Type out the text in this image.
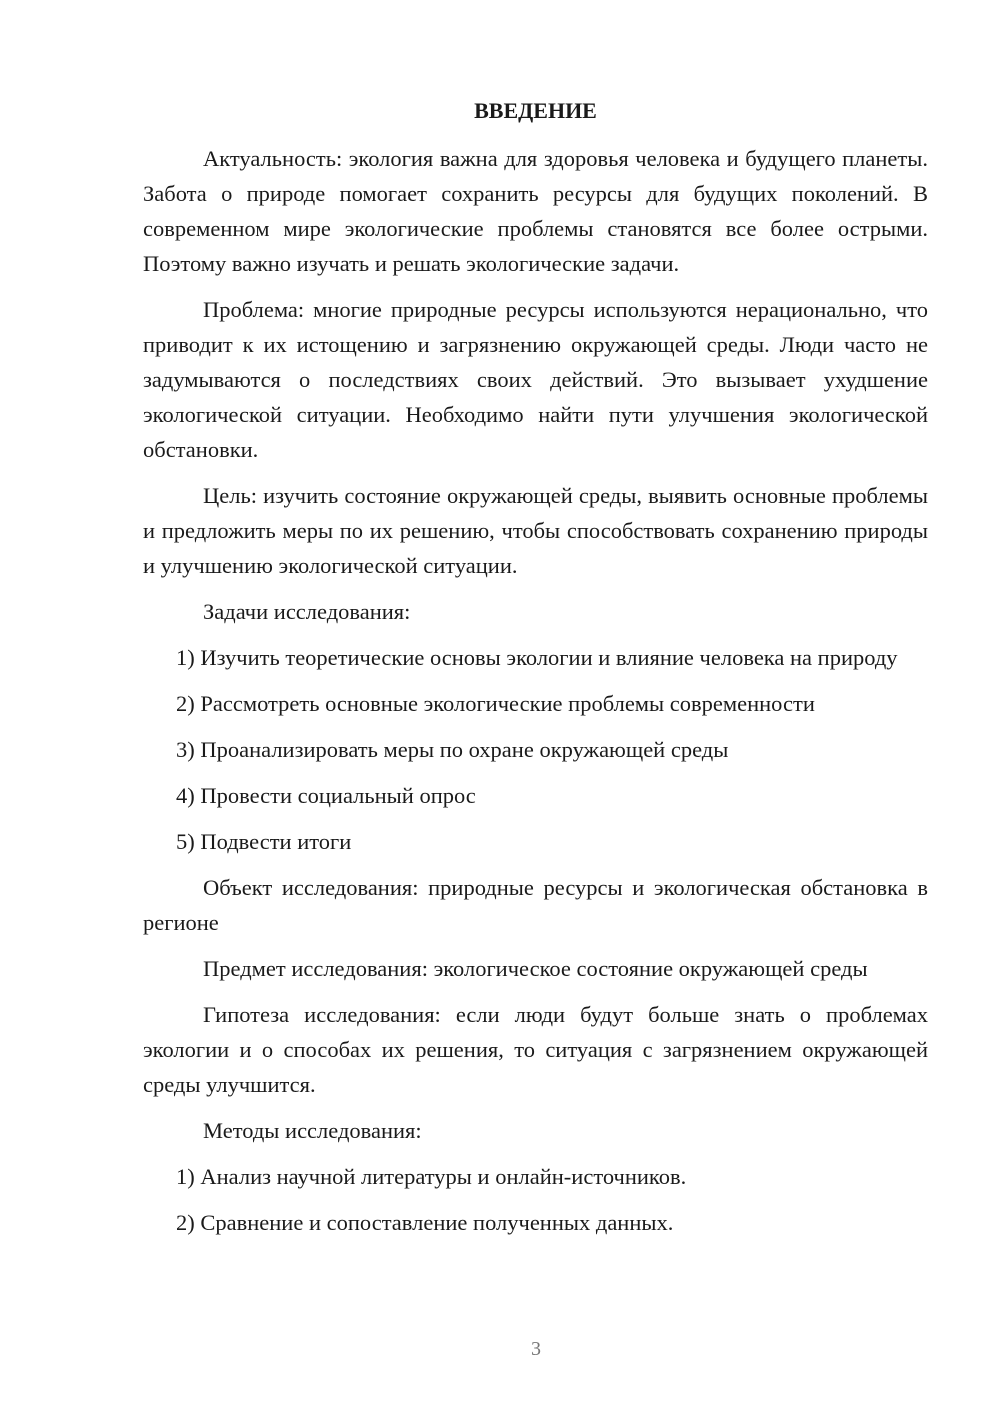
ВВЕДЕНИЕ

Актуальность: экология важна для здоровья человека и будущего планеты. Забота о природе помогает сохранить ресурсы для будущих поколений. В современном мире экологические проблемы становятся все более острыми. Поэтому важно изучать и решать экологические задачи.

Проблема: многие природные ресурсы используются нерационально, что приводит к их истощению и загрязнению окружающей среды. Люди часто не задумываются о последствиях своих действий. Это вызывает ухудшение экологической ситуации. Необходимо найти пути улучшения экологической обстановки.

Цель: изучить состояние окружающей среды, выявить основные проблемы и предложить меры по их решению, чтобы способствовать сохранению природы и улучшению экологической ситуации.

Задачи исследования:

1) Изучить теоретические основы экологии и влияние человека на природу

2) Рассмотреть основные экологические проблемы современности

3) Проанализировать меры по охране окружающей среды

4) Провести социальный опрос

5) Подвести итоги

Объект исследования: природные ресурсы и экологическая обстановка в регионе

Предмет исследования: экологическое состояние окружающей среды

Гипотеза исследования: если люди будут больше знать о проблемах экологии и о способах их решения, то ситуация с загрязнением окружающей среды улучшится.

Методы исследования:

1) Анализ научной литературы и онлайн-источников.

2) Сравнение и сопоставление полученных данных.

3
